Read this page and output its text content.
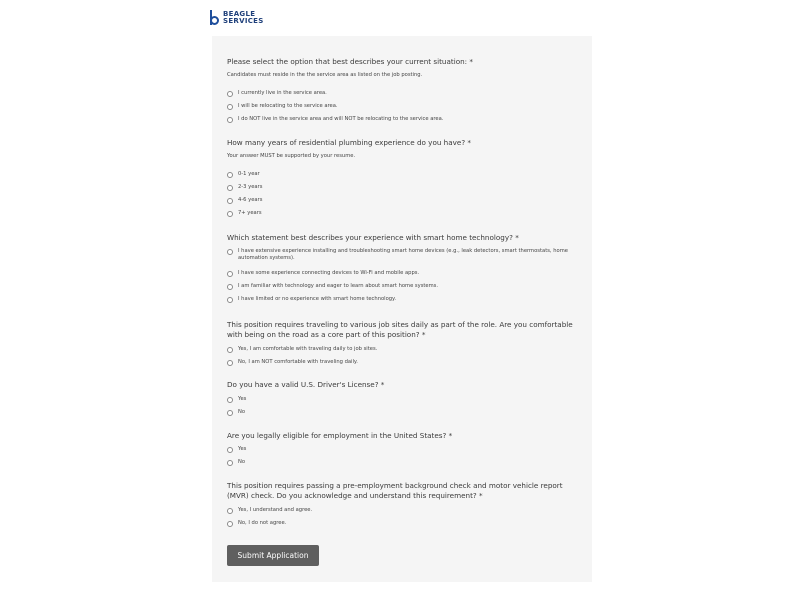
BEAGLE
SERVICES
Please select the option that best describes your current situation: *
Candidates must reside in the the service area as listed on the job posting.
I currently live in the service area.
I will be relocating to the service area.
I do NOT live in the service area and will NOT be relocating to the service area.
How many years of residential plumbing experience do you have? *
Your answer MUST be supported by your resume.
0-1 year
2-3 years
4-6 years
7+ years
Which statement best describes your experience with smart home technology? *
I have extensive experience installing and troubleshooting smart home devices (e.g., leak detectors, smart thermostats, home automation systems).
I have some experience connecting devices to Wi-Fi and mobile apps.
I am familiar with technology and eager to learn about smart home systems.
I have limited or no experience with smart home technology.
This position requires traveling to various job sites daily as part of the role. Are you comfortable with being on the road as a core part of this position? *
Yes, I am comfortable with traveling daily to job sites.
No, I am NOT comfortable with traveling daily.
Do you have a valid U.S. Driver's License? *
Yes
No
Are you legally eligible for employment in the United States? *
Yes
No
This position requires passing a pre-employment background check and motor vehicle report (MVR) check. Do you acknowledge and understand this requirement? *
Yes, I understand and agree.
No, I do not agree.
Submit Application
